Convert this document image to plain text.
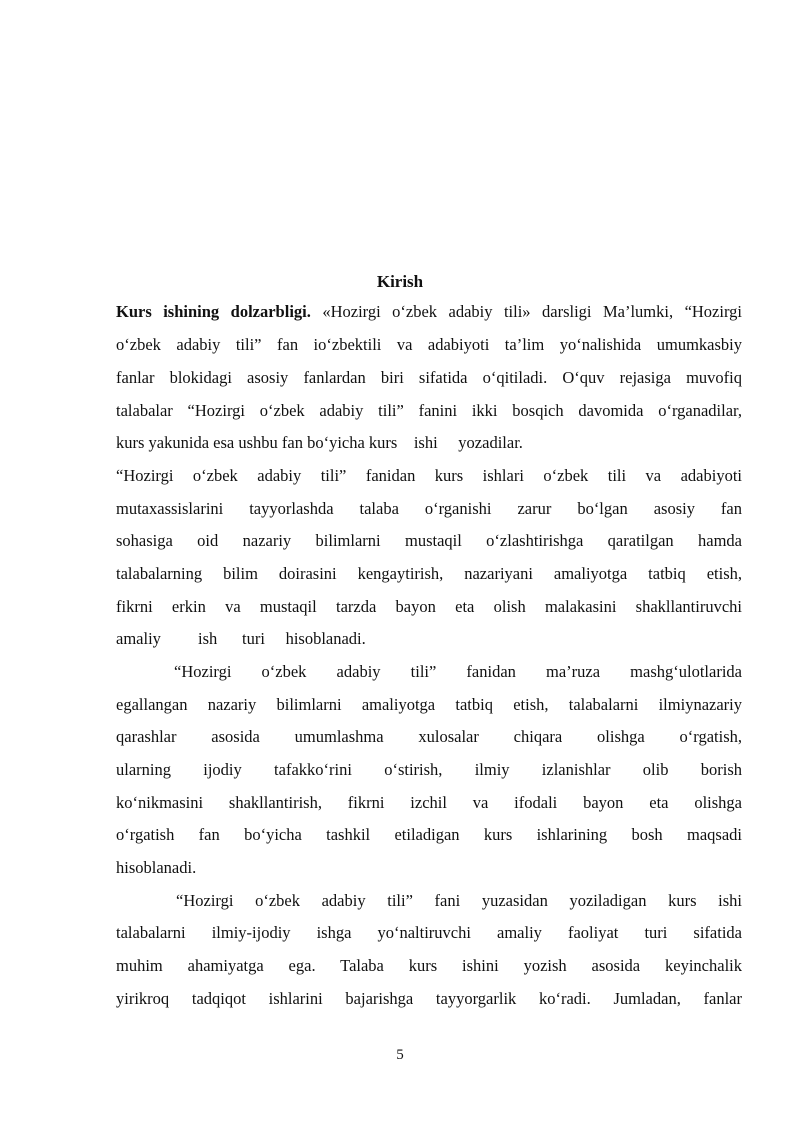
Kirish
Kurs ishining dolzarbligi. «Hozirgi o‘zbek adabiy tili» darsligi Ma’lumki, “Hozirgi
o‘zbek adabiy tili” fan io‘zbektili va adabiyoti ta’lim yo‘nalishida umumkasbiy
fanlar blokidagi asosiy fanlardan biri sifatida o‘qitiladi. O‘quv rejasiga muvofiq
talabalar “Hozirgi o‘zbek adabiy tili” fanini ikki bosqich davomida o‘rganadilar,
kurs yakunida esa ushbu fan bo‘yicha kurs    ishi     yozadilar.
“Hozirgi o‘zbek adabiy tili” fanidan kurs ishlari o‘zbek tili va adabiyoti
mutaxassislarini tayyorlashda talaba o‘rganishi zarur bo‘lgan asosiy fan
sohasiga oid nazariy bilimlarni mustaqil o‘zlashtirishga qaratilgan hamda
talabalarning bilim doirasini kengaytirish, nazariyani amaliyotga tatbiq etish,
fikrni erkin va mustaqil tarzda bayon eta olish malakasini shakllantiruvchi
amaliy         ish      turi     hisoblanadi.
“Hozirgi o‘zbek adabiy tili” fanidan ma’ruza mashg‘ulotlarida
egallangan nazariy bilimlarni amaliyotga tatbiq etish, talabalarni ilmiynazariy
qarashlar asosida umumlashma xulosalar chiqara olishga o‘rgatish,
ularning ijodiy tafakko‘rini o‘stirish, ilmiy izlanishlar olib borish
ko‘nikmasini shakllantirish, fikrni izchil va ifodali bayon eta olishga
o‘rgatish fan bo‘yicha tashkil etiladigan kurs ishlarining bosh maqsadi
hisoblanadi.
“Hozirgi o‘zbek adabiy tili” fani yuzasidan yoziladigan kurs ishi
talabalarni ilmiy-ijodiy ishga yo‘naltiruvchi amaliy faoliyat turi sifatida
muhim ahamiyatga ega. Talaba kurs ishini yozish asosida keyinchalik
yirikroq tadqiqot ishlarini bajarishga tayyorgarlik ko‘radi. Jumladan, fanlar
5
